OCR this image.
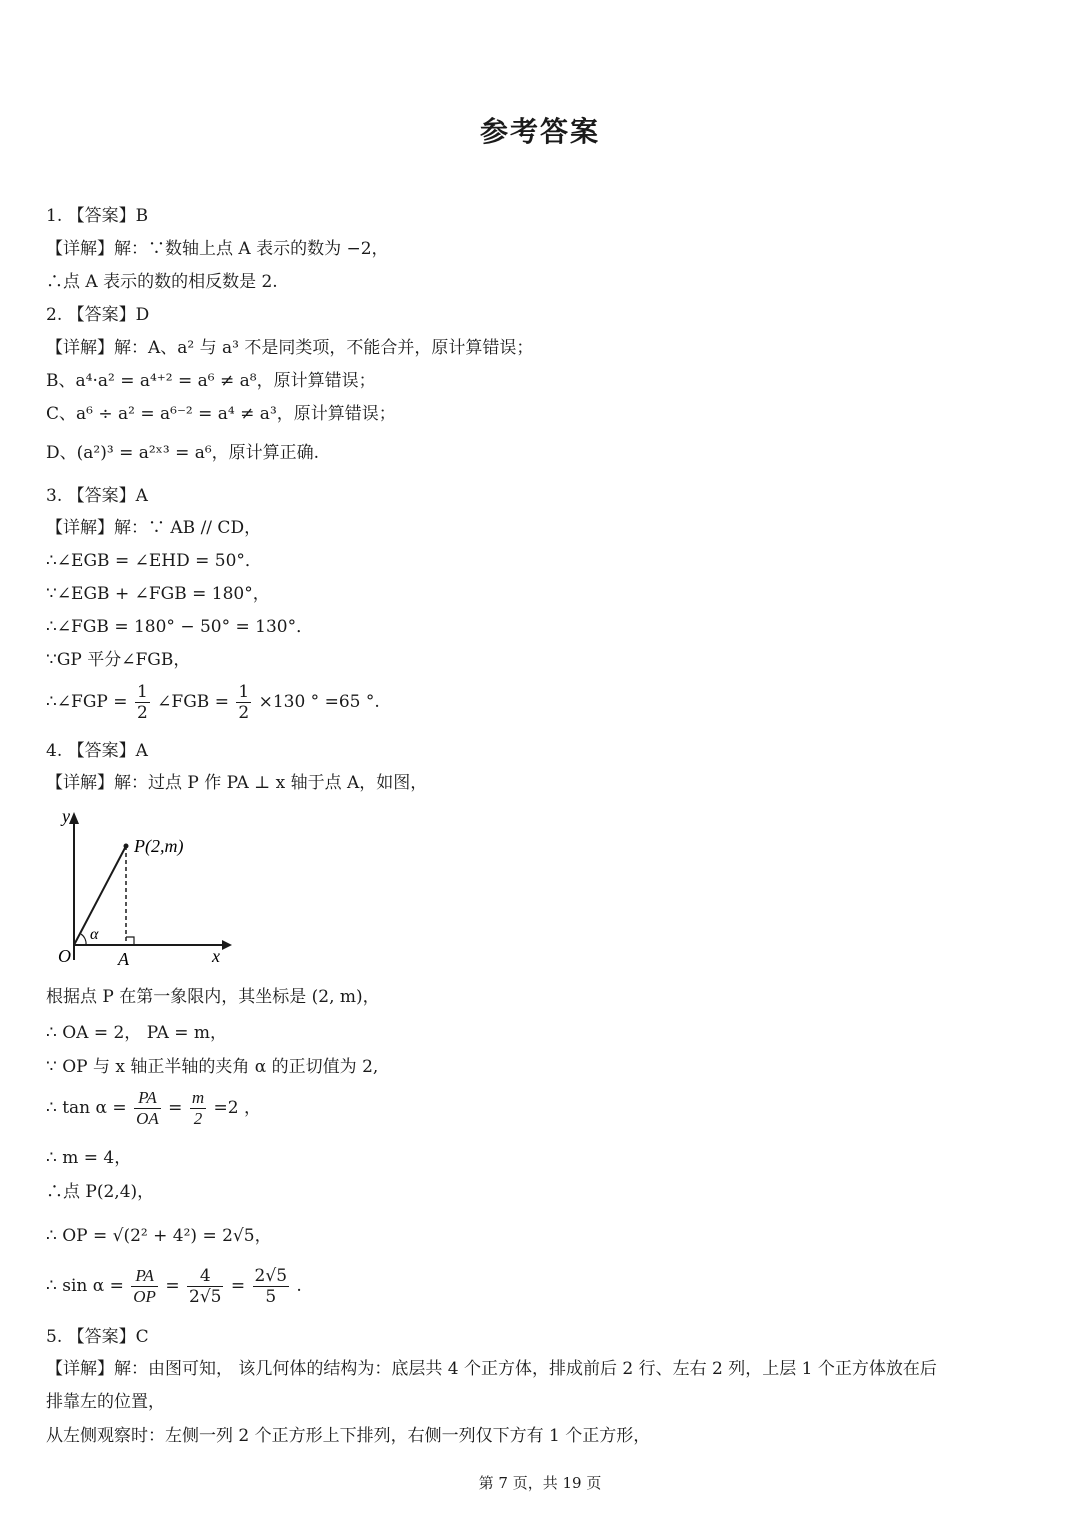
参考答案
1. 【答案】B
【详解】解：∵数轴上点 A 表示的数为 −2，
∴点 A 表示的数的相反数是 2.
2. 【答案】D
【详解】解：A、a² 与 a³ 不是同类项，不能合并，原计算错误；
B、a⁴·a² = a⁴⁺² = a⁶ ≠ a⁸，原计算错误；
C、a⁶ ÷ a² = a⁶⁻² = a⁴ ≠ a³，原计算错误；
D、(a²)³ = a²ˣ³ = a⁶，原计算正确.
3. 【答案】A
【详解】解：∵ AB // CD，
∴∠EGB = ∠EHD = 50°．
∵∠EGB + ∠FGB = 180°，
∴∠FGB = 180° − 50° = 130°．
∵GP 平分∠FGB，
∴∠FGP = $\frac{1}{2}$ ∠FGB = $\frac{1}{2} \times 130$ ° =65 °.
4. 【答案】A
【详解】解：过点 P 作 PA ⊥ x 轴于点 A，如图，
y
x
O	A
P(2,m)
α
根据点 P 在第一象限内，其坐标是 (2, m)，
∴ OA = 2， PA = m，
∵ OP 与 x 轴正半轴的夹角 α 的正切值为 2,
∴ $\tan \alpha = \frac{PA}{OA} = \frac{m}{2} =2$ ，
∴ m = 4，
∴点 P(2,4)，
∴ OP = √(2² + 4²) = 2√5，
∴ $\sin \alpha = \frac{PA}{OP} = \frac{4}{2√5} = \frac{2√5}{5}$ .
5. 【答案】C
【详解】解：由图可知， 该几何体的结构为：底层共 4 个正方体，排成前后 2 行、左右 2 列，上层 1 个正方体放在后
排靠左的位置，
从左侧观察时：左侧一列 2 个正方形上下排列，右侧一列仅下方有 1 个正方形，
第 7 页，共 19 页
